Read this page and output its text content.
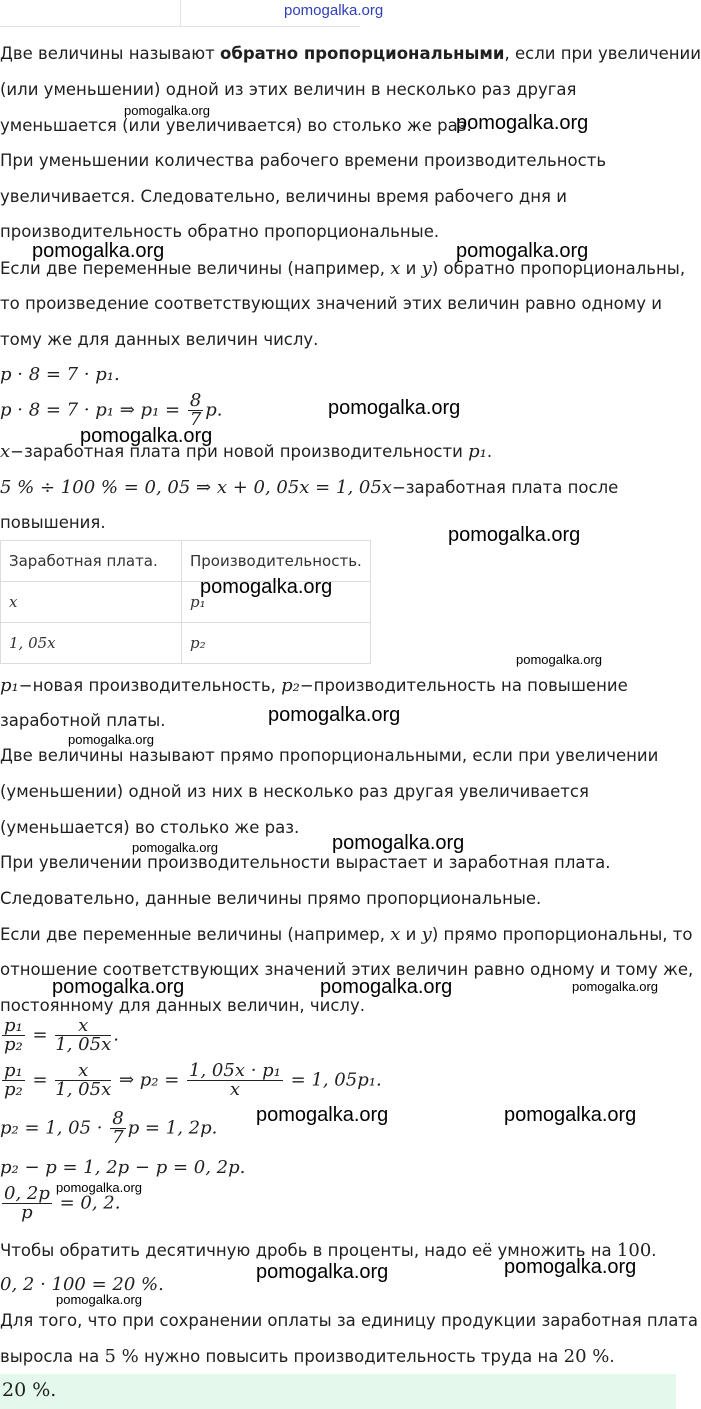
Две величины называют обратно пропорциональными, если при увеличении
(или уменьшении) одной из этих величин в несколько раз другая
уменьшается (или увеличивается) во столько же раз.
При уменьшении количества рабочего времени производительность
увеличивается. Следовательно, величины время рабочего дня и
производительность обратно пропорциональные.
Если две переменные величины (например, x и y) обратно пропорциональны,
то произведение соответствующих значений этих величин равно одному и
тому же для данных величин числу.
p · 8 = 7 · p₁.
p · 8 = 7 · p₁ ⇒ $p_1 = \frac{8}{7} p$.
x−заработная плата при новой производительности p₁.
5 % ÷ 100 % = 0, 05 ⇒ x + 0, 05x = 1, 05x−заработная плата после
повышения.
Заработная плата.	Производительность.
x	p₁
1, 05x	p₂
p₁−новая производительность, p₂−производительность на повышение
заработной платы.
Две величины называют прямо пропорциональными, если при увеличении
(уменьшении) одной из них в несколько раз другая увеличивается
(уменьшается) во столько же раз.
При увеличении производительности вырастает и заработная плата.
Следовательно, данные величины прямо пропорциональные.
Если две переменные величины (например, x и y) прямо пропорциональны, то
отношение соответствующих значений этих величин равно одному и тому же,
постоянному для данных величин, числу.
$\frac{\text{p₁}}{\text{p₂}} = \frac{x}{1, 05x}$ .
$\frac{\text{p₁}}{\text{p₂}} = \frac{x}{1, 05x}$ ⇒ $p_2 = \frac{\text{1, 05x · p₁}}{x} = 1$, 05p₁.
p₂ = 1, $05 \cdot \frac{8}{7}$ p = 1, 2p.
p₂ − p = 1, 2p − p = 0, 2p.
$\frac{0, 2p}{p} = 0$, 2.
Чтобы обратить десятичную дробь в проценты, надо её умножить на 100.
0, 2 · 100 = 20 %.
Для того, что при сохранении оплаты за единицу продукции заработная плата
выросла на 5 % нужно повысить производительность труда на 20 %.
20 %.
pomogalka.org
pomogalka.org
pomogalka.org
pomogalka.org	pomogalka.org
pomogalka.org
pomogalka.org
pomogalka.org
pomogalka.org
pomogalka.org
pomogalka.org
pomogalka.org
pomogalka.org
pomogalka.org
pomogalka.org	pomogalka.org	pomogalka.org
pomogalka.org	pomogalka.org
pomogalka.org
pomogalka.org	pomogalka.org
pomogalka.org
